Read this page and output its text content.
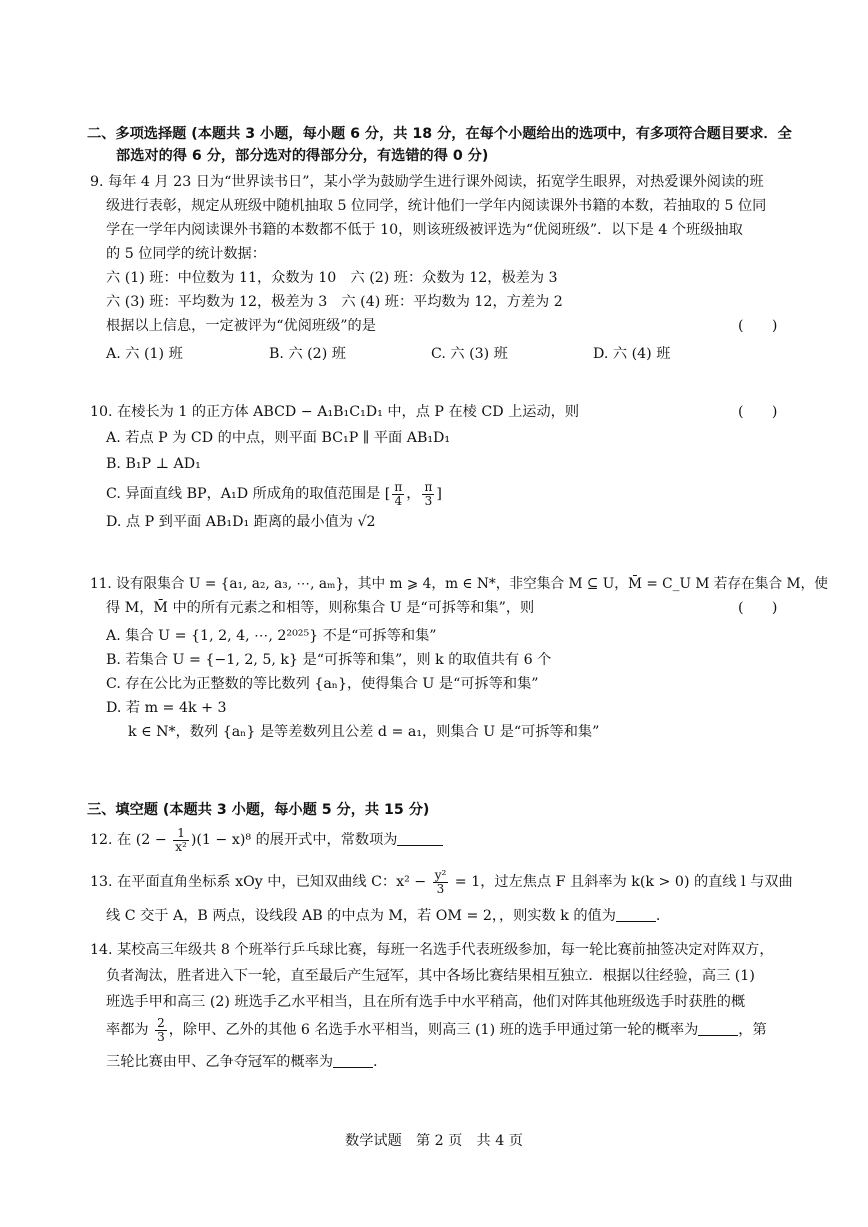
二、多项选择题 (本题共 3 小题，每小题 6 分，共 18 分，在每个小题给出的选项中，有多项符合题目要求．全
部选对的得 6 分，部分选对的得部分分，有选错的得 0 分)
9. 每年 4 月 23 日为“世界读书日”，某小学为鼓励学生进行课外阅读，拓宽学生眼界，对热爱课外阅读的班
级进行表彰，规定从班级中随机抽取 5 位同学，统计他们一学年内阅读课外书籍的本数，若抽取的 5 位同
学在一学年内阅读课外书籍的本数都不低于 10，则该班级被评选为“优阅班级”．以下是 4 个班级抽取
的 5 位同学的统计数据：
六 (1) 班：中位数为 11，众数为 10　六 (2) 班：众数为 12，极差为 3
六 (3) 班：平均数为 12，极差为 3　六 (4) 班：平均数为 12，方差为 2
根据以上信息，一定被评为“优阅班级”的是	(　　)
A. 六 (1) 班	B. 六 (2) 班	C. 六 (3) 班	D. 六 (4) 班
10. 在棱长为 1 的正方体 ABCD − A₁B₁C₁D₁ 中，点 P 在棱 CD 上运动，则	(　　)
A. 若点 P 为 CD 的中点，则平面 BC₁P ∥ 平面 AB₁D₁
B. B₁P ⊥ AD₁
C. 异面直线 BP，A₁D 所成角的取值范围是 [ $\frac{\pi}{4}$ ， $\frac{\pi}{3}$ ]
D. 点 P 到平面 AB₁D₁ 距离的最小值为 √2
11. 设有限集合 U = {a₁, a₂, a₃, ⋯, aₘ}，其中 m ⩾ 4，m ∈ N*，非空集合 M ⊆ U，M̄ = C_U M 若存在集合 M，使
得 M，M̄ 中的所有元素之和相等，则称集合 U 是“可拆等和集”，则	(　　)
A. 集合 U = {1, 2, 4, ⋯, 2²⁰²⁵} 不是“可拆等和集”
B. 若集合 U = {−1, 2, 5, k} 是“可拆等和集”，则 k 的取值共有 6 个
C. 存在公比为正整数的等比数列 {aₙ}，使得集合 U 是“可拆等和集”
D. 若 m = 4k + 3
k ∈ N*，数列 {aₙ} 是等差数列且公差 d = a₁，则集合 U 是“可拆等和集”
三、填空题 (本题共 3 小题，每小题 5 分，共 15 分)
12. 在 $(2 - \frac{1}{\text{x²}} )(1 - x)^8$ 的展开式中，常数项为
13. 在平面直角坐标系 xOy 中，已知双曲线 C：$x^2 - \frac{\text{y²}}{3} = 1$，过左焦点 F 且斜率为 k(k > 0) 的直线 l 与双曲
线 C 交于 A，B 两点，设线段 AB 的中点为 M，若 OM = 2，，则实数 k 的值为	.
14. 某校高三年级共 8 个班举行乒乓球比赛，每班一名选手代表班级参加，每一轮比赛前抽签决定对阵双方，
负者淘汰，胜者进入下一轮，直至最后产生冠军，其中各场比赛结果相互独立．根据以往经验，高三 (1)
班选手甲和高三 (2) 班选手乙水平相当，且在所有选手中水平稍高，他们对阵其他班级选手时获胜的概
率都为 $\frac{2}{3}$ ，除甲、乙外的其他 6 名选手水平相当，则高三 (1) 班的选手甲通过第一轮的概率为	，第
三轮比赛由甲、乙争夺冠军的概率为	.
数学试题　第 2 页　共 4 页
